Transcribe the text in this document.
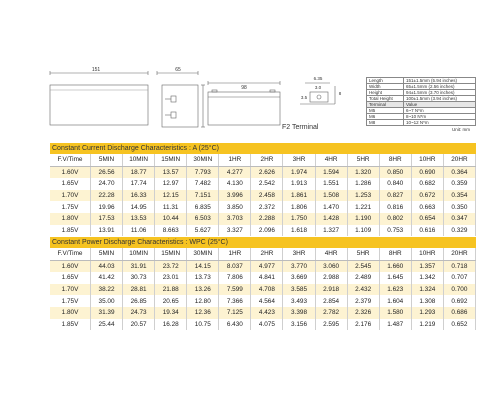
151	65
98
6.35
3.0
8
3.5
F2 Terminal
Length	151±1.5mm (5.94 inches)
Width	65±1.5mm (2.56 inches)
Height	94±1.5mm (3.70 inches)
Total Height	100±1.5mm (3.94 inches)
Terminal	Value
M5	6~7 N*m
M6	8~10 N*m
M8	10~12 N*m
Unit: mm
Constant Current Discharge Characteristics : A (25°C)
F.V/Time	5MIN	10MIN	15MIN	30MIN	1HR	2HR	3HR	4HR	5HR	8HR	10HR	20HR
1.60V	26.56	18.77	13.57	7.793	4.277	2.626	1.974	1.594	1.320	0.850	0.690	0.364
1.65V	24.70	17.74	12.97	7.482	4.130	2.542	1.913	1.551	1.286	0.840	0.682	0.359
1.70V	22.28	16.33	12.15	7.151	3.996	2.458	1.861	1.508	1.253	0.827	0.672	0.354
1.75V	19.96	14.95	11.31	6.835	3.850	2.372	1.806	1.470	1.221	0.816	0.663	0.350
1.80V	17.53	13.53	10.44	6.503	3.703	2.288	1.750	1.428	1.190	0.802	0.654	0.347
1.85V	13.91	11.06	8.663	5.627	3.327	2.096	1.618	1.327	1.109	0.753	0.616	0.329
Constant Power Discharge Characteristics : WPC (25°C)
F.V/Time	5MIN	10MIN	15MIN	30MIN	1HR	2HR	3HR	4HR	5HR	8HR	10HR	20HR
1.60V	44.03	31.91	23.72	14.15	8.037	4.977	3.770	3.060	2.545	1.660	1.357	0.718
1.65V	41.42	30.73	23.01	13.73	7.806	4.841	3.669	2.988	2.489	1.645	1.342	0.707
1.70V	38.22	28.81	21.88	13.26	7.599	4.708	3.585	2.918	2.432	1.623	1.324	0.700
1.75V	35.00	26.85	20.65	12.80	7.366	4.564	3.493	2.854	2.379	1.604	1.308	0.692
1.80V	31.39	24.73	19.34	12.36	7.125	4.423	3.398	2.782	2.326	1.580	1.293	0.686
1.85V	25.44	20.57	16.28	10.75	6.430	4.075	3.156	2.595	2.176	1.487	1.219	0.652
